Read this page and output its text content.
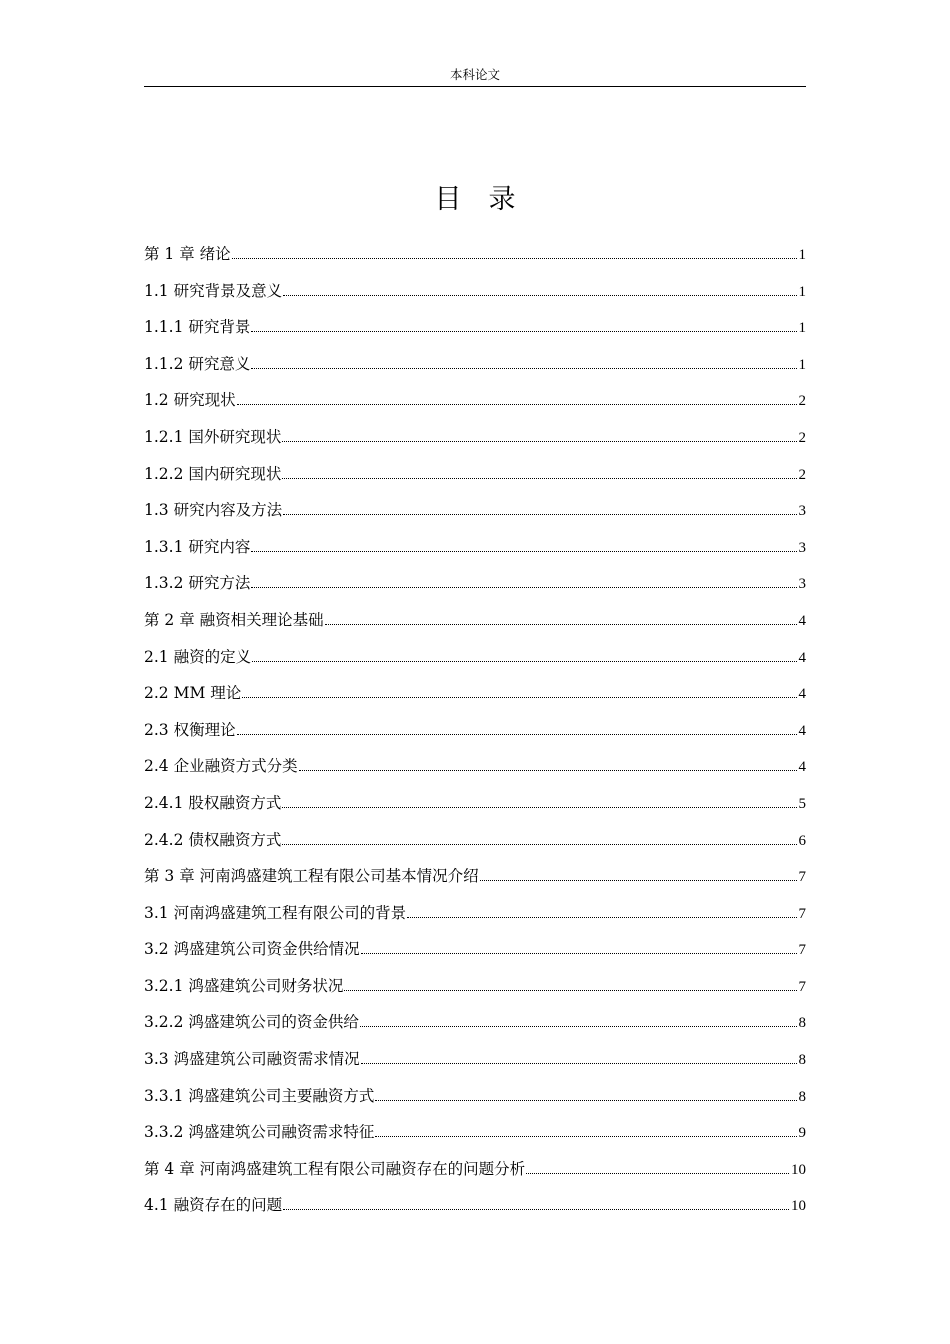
本科论文
目　录
第 1 章 绪论	1
1.1 研究背景及意义	1
1.1.1 研究背景	1
1.1.2 研究意义	1
1.2 研究现状	2
1.2.1 国外研究现状	2
1.2.2 国内研究现状	2
1.3 研究内容及方法	3
1.3.1 研究内容	3
1.3.2 研究方法	3
第 2 章 融资相关理论基础	4
2.1 融资的定义	4
2.2 MM 理论	4
2.3 权衡理论	4
2.4 企业融资方式分类	4
2.4.1 股权融资方式	5
2.4.2 债权融资方式	6
第 3 章 河南鸿盛建筑工程有限公司基本情况介绍	7
3.1 河南鸿盛建筑工程有限公司的背景	7
3.2 鸿盛建筑公司资金供给情况	7
3.2.1 鸿盛建筑公司财务状况	7
3.2.2 鸿盛建筑公司的资金供给	8
3.3 鸿盛建筑公司融资需求情况	8
3.3.1 鸿盛建筑公司主要融资方式	8
3.3.2 鸿盛建筑公司融资需求特征	9
第 4 章 河南鸿盛建筑工程有限公司融资存在的问题分析	10
4.1 融资存在的问题	10
